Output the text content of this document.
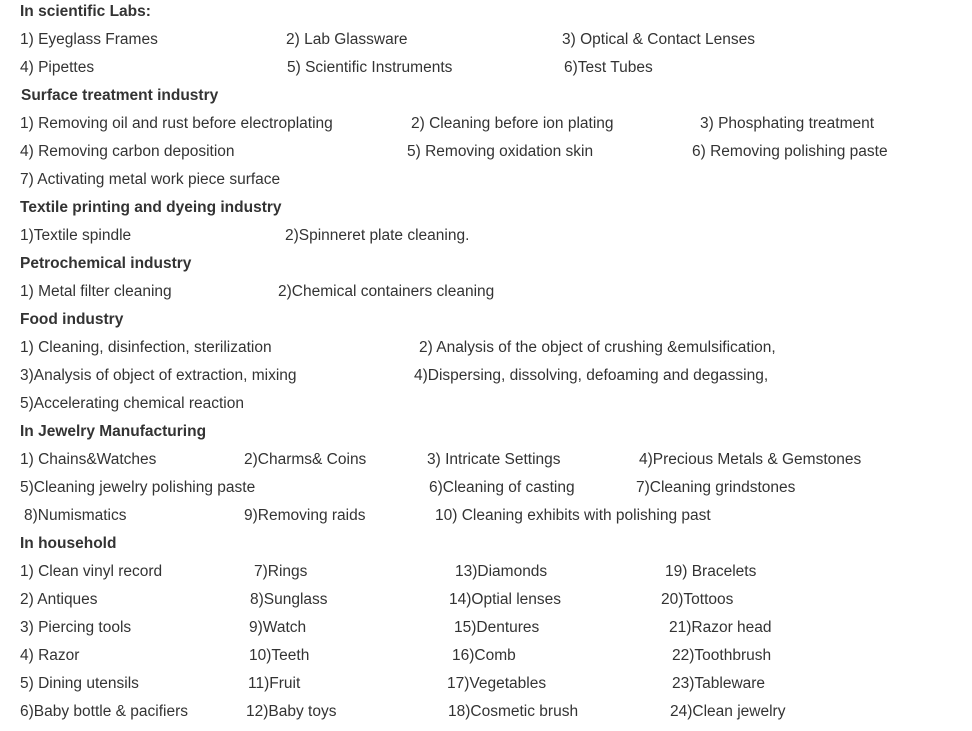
In scientific Labs:
1) Eyeglass Frames	2) Lab Glassware	3) Optical & Contact Lenses
4) Pipettes	5) Scientific Instruments	6)Test Tubes
Surface treatment industry
1) Removing oil and rust before electroplating	2) Cleaning before ion plating	3) Phosphating treatment
4) Removing carbon deposition	5) Removing oxidation skin	6) Removing polishing paste
7) Activating metal work piece surface
Textile printing and dyeing industry
1)Textile spindle	2)Spinneret plate cleaning.
Petrochemical industry
1) Metal filter cleaning	2)Chemical containers cleaning
Food industry
1) Cleaning, disinfection, sterilization	2) Analysis of the object of crushing &emulsification,
3)Analysis of object of extraction, mixing	4)Dispersing, dissolving, defoaming and degassing,
5)Accelerating chemical reaction
In Jewelry Manufacturing
1) Chains&Watches	2)Charms& Coins	3) Intricate Settings	4)Precious Metals & Gemstones
5)Cleaning jewelry polishing paste	6)Cleaning of casting	7)Cleaning grindstones
8)Numismatics	9)Removing raids	10) Cleaning exhibits with polishing past
In household
1) Clean vinyl record	7)Rings	13)Diamonds	19) Bracelets
2) Antiques	8)Sunglass	14)Optial lenses	20)Tottoos
3) Piercing tools	9)Watch	15)Dentures	21)Razor head
4) Razor	10)Teeth	16)Comb	22)Toothbrush
5) Dining utensils	11)Fruit	17)Vegetables	23)Tableware
6)Baby bottle & pacifiers	12)Baby toys	18)Cosmetic brush	24)Clean jewelry
